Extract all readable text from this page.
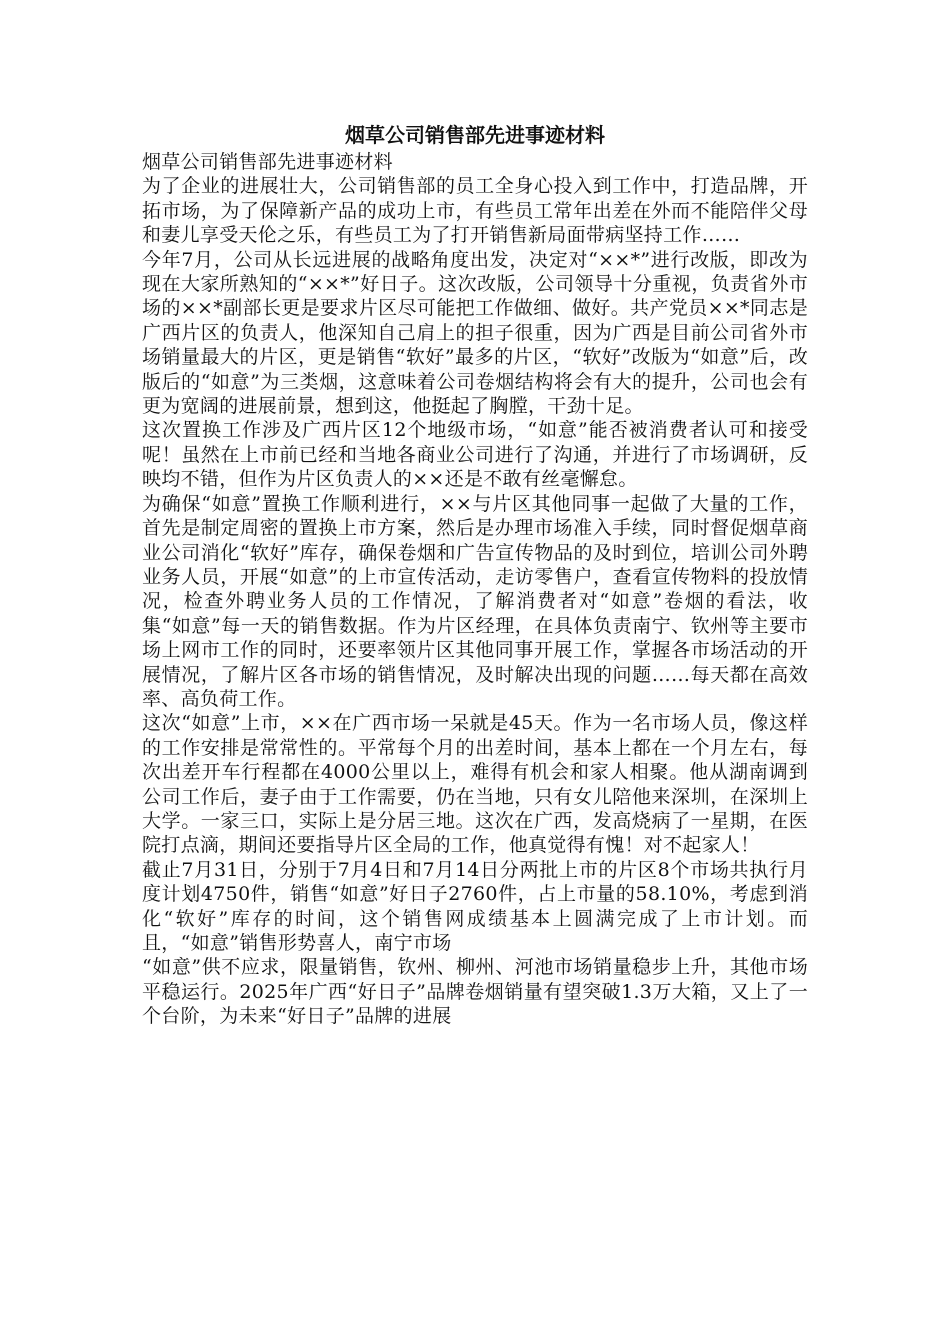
烟草公司销售部先进事迹材料

烟草公司销售部先进事迹材料

为了企业的进展壮大，公司销售部的员工全身心投入到工作中，打造品牌，开拓市场，为了保障新产品的成功上市，有些员工常年出差在外而不能陪伴父母和妻儿享受天伦之乐，有些员工为了打开销售新局面带病坚持工作……

今年7月，公司从长远进展的战略角度出发，决定对“××*”进行改版，即改为现在大家所熟知的“××*”好日子。这次改版，公司领导十分重视，负责省外市场的××*副部长更是要求片区尽可能把工作做细、做好。共产党员××*同志是广西片区的负责人，他深知自己肩上的担子很重，因为广西是目前公司省外市场销量最大的片区，更是销售“软好”最多的片区，“软好”改版为“如意”后，改版后的“如意”为三类烟，这意味着公司卷烟结构将会有大的提升，公司也会有更为宽阔的进展前景，想到这，他挺起了胸膛，干劲十足。

这次置换工作涉及广西片区12个地级市场，“如意”能否被消费者认可和接受呢！虽然在上市前已经和当地各商业公司进行了沟通，并进行了市场调研，反映均不错，但作为片区负责人的××还是不敢有丝毫懈怠。

为确保“如意”置换工作顺利进行，××与片区其他同事一起做了大量的工作，首先是制定周密的置换上市方案，然后是办理市场准入手续，同时督促烟草商业公司消化“软好”库存，确保卷烟和广告宣传物品的及时到位，培训公司外聘业务人员，开展“如意”的上市宣传活动，走访零售户，查看宣传物料的投放情况，检查外聘业务人员的工作情况，了解消费者对“如意”卷烟的看法，收集“如意”每一天的销售数据。作为片区经理，在具体负责南宁、钦州等主要市场上网市工作的同时，还要率领片区其他同事开展工作，掌握各市场活动的开展情况，了解片区各市场的销售情况，及时解决出现的问题……每天都在高效率、高负荷工作。

这次“如意”上市，××在广西市场一呆就是45天。作为一名市场人员，像这样的工作安排是常常性的。平常每个月的出差时间，基本上都在一个月左右，每次出差开车行程都在4000公里以上，难得有机会和家人相聚。他从湖南调到公司工作后，妻子由于工作需要，仍在当地，只有女儿陪他来深圳，在深圳上大学。一家三口，实际上是分居三地。这次在广西，发高烧病了一星期，在医院打点滴，期间还要指导片区全局的工作，他真觉得有愧！对不起家人！

截止7月31日，分别于7月4日和7月14日分两批上市的片区8个市场共执行月度计划4750件，销售“如意”好日子2760件，占上市量的58.10%，考虑到消化“软好”库存的时间，这个销售网成绩基本上圆满完成了上市计划。而且，“如意”销售形势喜人，南宁市场

“如意”供不应求，限量销售，钦州、柳州、河池市场销量稳步上升，其他市场平稳运行。2025年广西“好日子”品牌卷烟销量有望突破1.3万大箱，又上了一个台阶，为未来“好日子”品牌的进展
